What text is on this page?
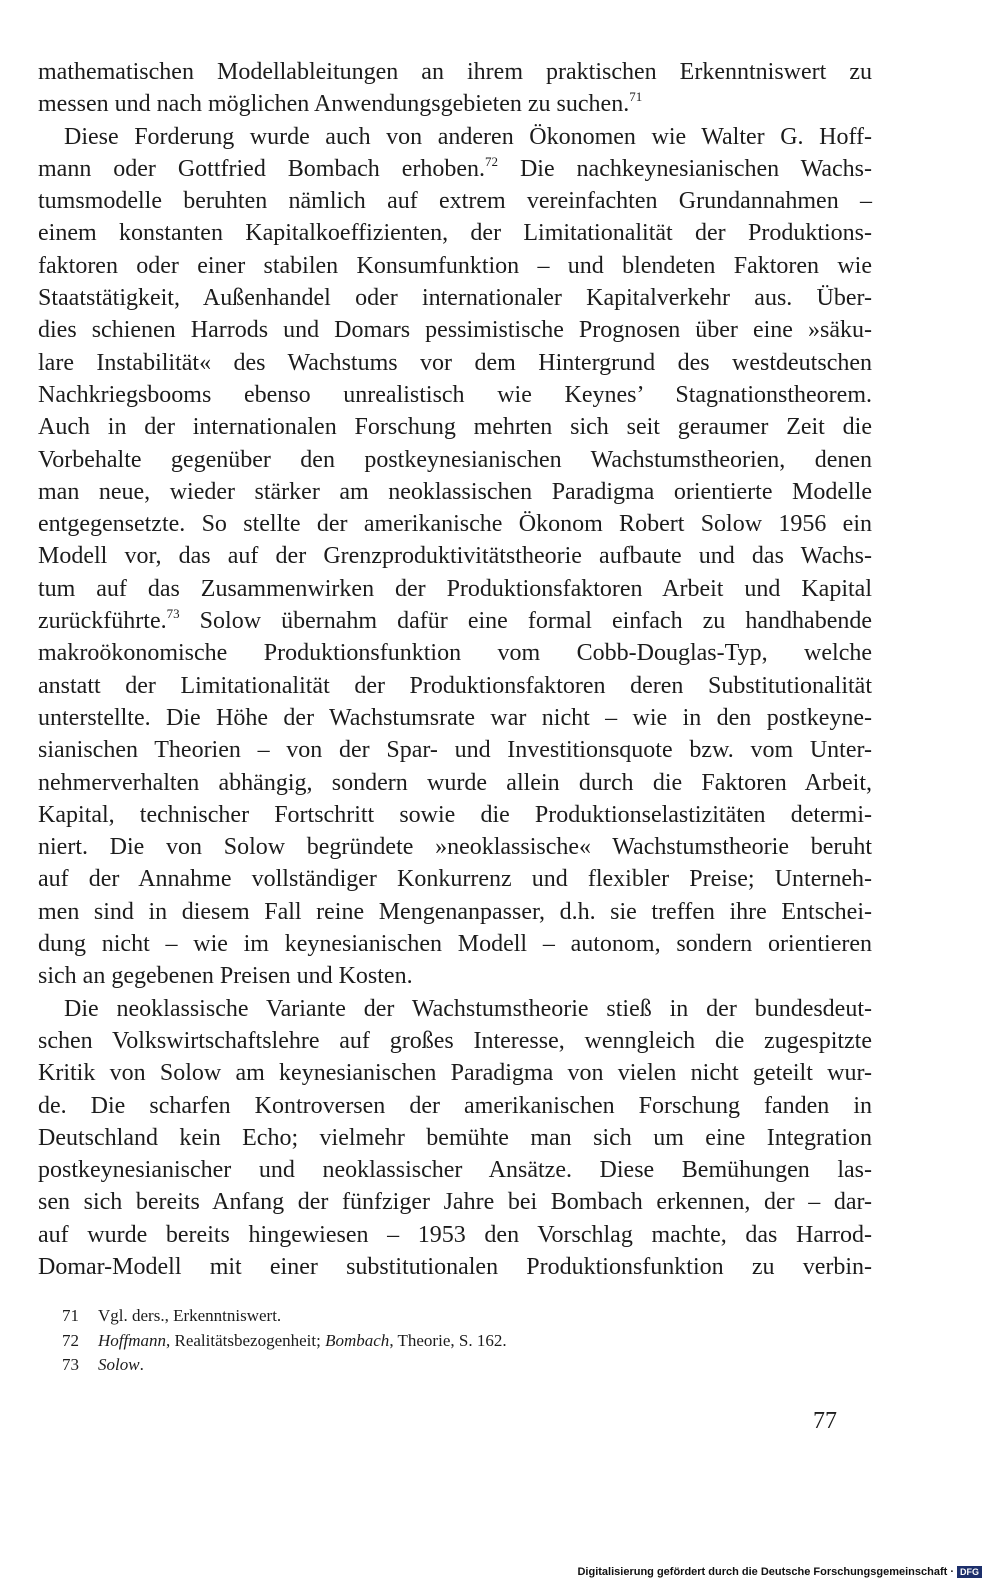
mathematischen Modellableitungen an ihrem praktischen Erkenntniswert zu
messen und nach möglichen Anwendungsgebieten zu suchen.$^{71}$
Diese Forderung wurde auch von anderen Ökonomen wie Walter G. Hoff-
mann oder Gottfried Bombach erhoben.$^{72}$ Die nachkeynesianischen Wachs-
tumsmodelle beruhten nämlich auf extrem vereinfachten Grundannahmen –
einem konstanten Kapitalkoeffizienten, der Limitationalität der Produktions-
faktoren oder einer stabilen Konsumfunktion – und blendeten Faktoren wie
Staatstätigkeit, Außenhandel oder internationaler Kapitalverkehr aus. Über-
dies schienen Harrods und Domars pessimistische Prognosen über eine »säku-
lare Instabilität« des Wachstums vor dem Hintergrund des westdeutschen
Nachkriegsbooms ebenso unrealistisch wie Keynes’ Stagnationstheorem.
Auch in der internationalen Forschung mehrten sich seit geraumer Zeit die
Vorbehalte gegenüber den postkeynesianischen Wachstumstheorien, denen
man neue, wieder stärker am neoklassischen Paradigma orientierte Modelle
entgegensetzte. So stellte der amerikanische Ökonom Robert Solow 1956 ein
Modell vor, das auf der Grenzproduktivitätstheorie aufbaute und das Wachs-
tum auf das Zusammenwirken der Produktionsfaktoren Arbeit und Kapital
zurückführte.$^{73}$ Solow übernahm dafür eine formal einfach zu handhabende
makroökonomische Produktionsfunktion vom Cobb-Douglas-Typ, welche
anstatt der Limitationalität der Produktionsfaktoren deren Substitutionalität
unterstellte. Die Höhe der Wachstumsrate war nicht – wie in den postkeyne-
sianischen Theorien – von der Spar- und Investitionsquote bzw. vom Unter-
nehmerverhalten abhängig, sondern wurde allein durch die Faktoren Arbeit,
Kapital, technischer Fortschritt sowie die Produktionselastizitäten determi-
niert. Die von Solow begründete »neoklassische« Wachstumstheorie beruht
auf der Annahme vollständiger Konkurrenz und flexibler Preise; Unterneh-
men sind in diesem Fall reine Mengenanpasser, d.h. sie treffen ihre Entschei-
dung nicht – wie im keynesianischen Modell – autonom, sondern orientieren
sich an gegebenen Preisen und Kosten.
Die neoklassische Variante der Wachstumstheorie stieß in der bundesdeut-
schen Volkswirtschaftslehre auf großes Interesse, wenngleich die zugespitzte
Kritik von Solow am keynesianischen Paradigma von vielen nicht geteilt wur-
de. Die scharfen Kontroversen der amerikanischen Forschung fanden in
Deutschland kein Echo; vielmehr bemühte man sich um eine Integration
postkeynesianischer und neoklassischer Ansätze. Diese Bemühungen las-
sen sich bereits Anfang der fünfziger Jahre bei Bombach erkennen, der – dar-
auf wurde bereits hingewiesen – 1953 den Vorschlag machte, das Harrod-
Domar-Modell mit einer substitutionalen Produktionsfunktion zu verbin-
71 Vgl. ders., Erkenntniswert.
72 Hoffmann, Realitätsbezogenheit; Bombach, Theorie, S. 162.
73 Solow.
77
Digitalisierung gefördert durch die Deutsche Forschungsgemeinschaft · DFG
